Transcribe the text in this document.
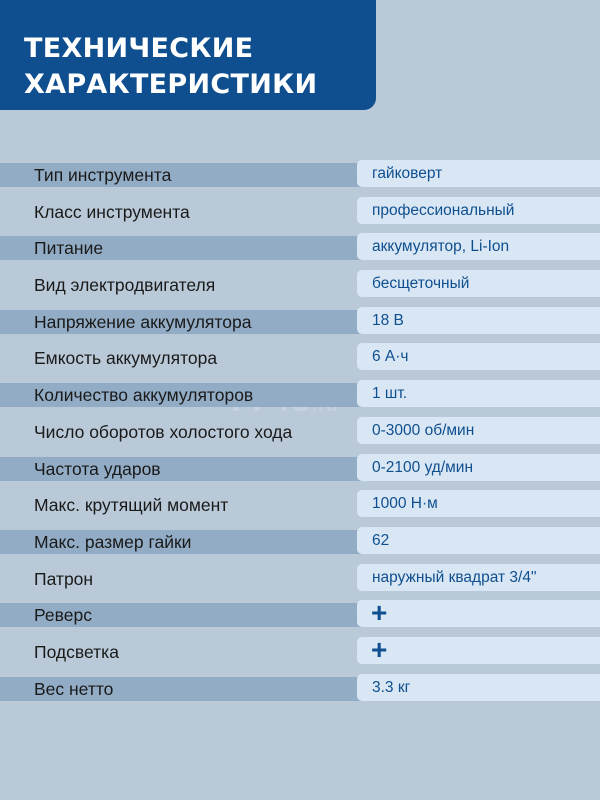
ТЕХНИЧЕСКИЕ ХАРАКТЕРИСТИКИ
Тип инструмента	гайковерт
Класс инструмента	профессиональный
Питание	аккумулятор, Li-Ion
Вид электродвигателя	бесщеточный
Напряжение аккумулятора	18 В
Емкость аккумулятора	6 А·ч
Количество аккумуляторов	1 шт.
Число оборотов холостого хода	0-3000 об/мин
Частота ударов	0-2100 уд/мин
Макс. крутящий момент	1000 Н·м
Макс. размер гайки	62
Патрон	наружный квадрат 3/4"
Реверс	+
Подсветка	+
Вес нетто	3.3 кг
